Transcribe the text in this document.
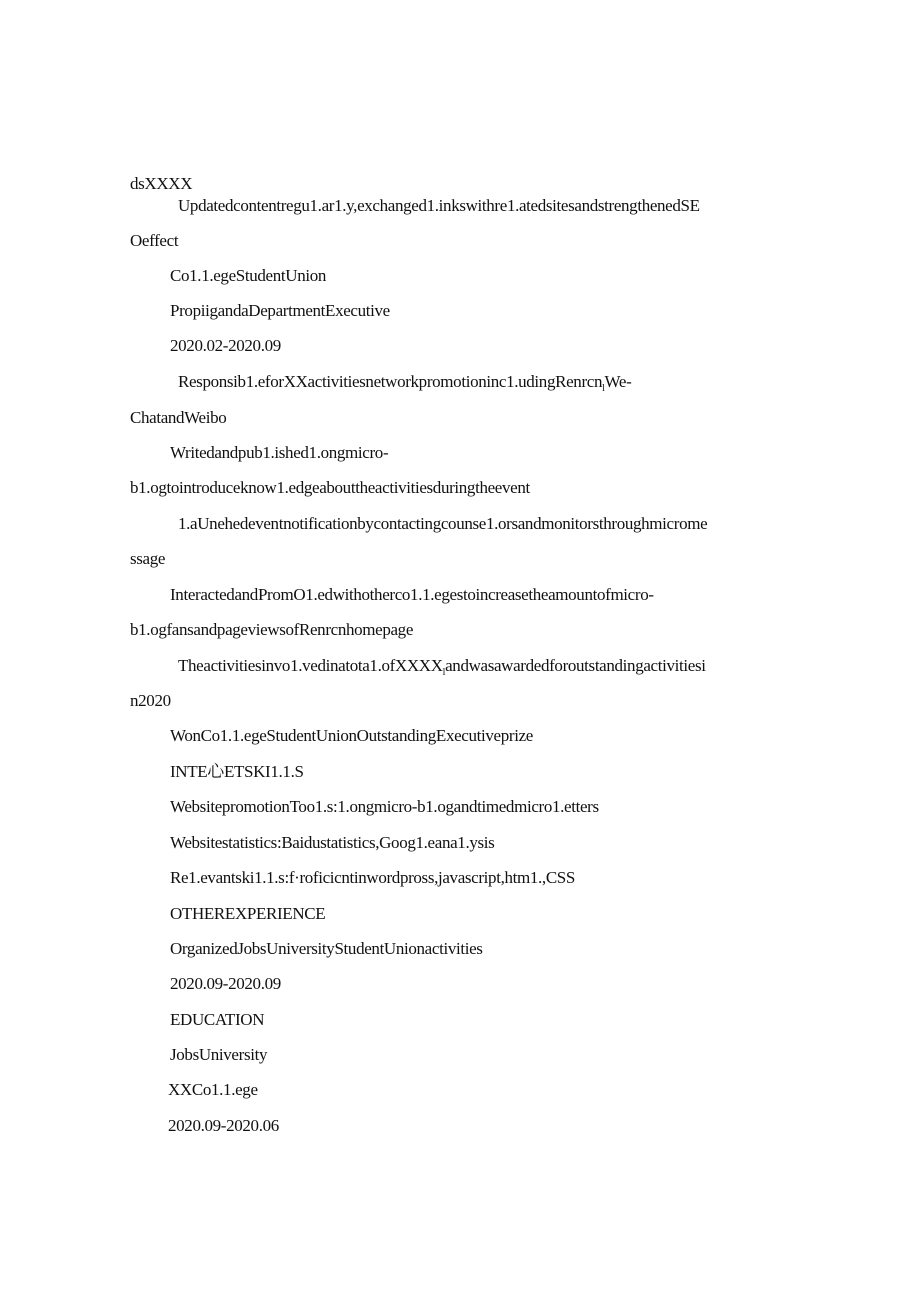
dsXXXX
Updatedcontentregu1.ar1.y,exchanged1.inkswithre1.atedsitesandstrengthenedSE
Oeffect
Co1.1.egeStudentUnion
PropiigandaDepartmentExecutive
2020.02-2020.09
Responsib1.eforXXactivitiesnetworkpromotioninc1.udingRenrcn$_l$We-
ChatandWeibo
Writedandpub1.ished1.ongmicro-
b1.ogtointroduceknow1.edgeabouttheactivitiesduringtheevent
1.aUnehedeventnotificationbycontactingcounse1.orsandmonitorsthroughmicrome
ssage
InteractedandPromO1.edwithotherco1.1.egestoincreasetheamountofmicro-
b1.ogfansandpageviewsofRenrcnhomepage
Theactivitiesinvo1.vedinatota1.ofXXXX$_l$andwasawardedforoutstandingactivitiesi
n2020
WonCo1.1.egeStudentUnionOutstandingExecutiveprize
INTE心ETSKI1.1.S
WebsitepromotionToo1.s:1.ongmicro-b1.ogandtimedmicro1.etters
Websitestatistics:Baidustatistics,Goog1.eana1.ysis
Re1.evantski1.1.s:f·roficicntinwordpross,javascript,htm1.,CSS
OTHEREXPERIENCE
OrganizedJobsUniversityStudentUnionactivities
2020.09-2020.09
EDUCATION
JobsUniversity
XXCo1.1.ege
2020.09-2020.06
